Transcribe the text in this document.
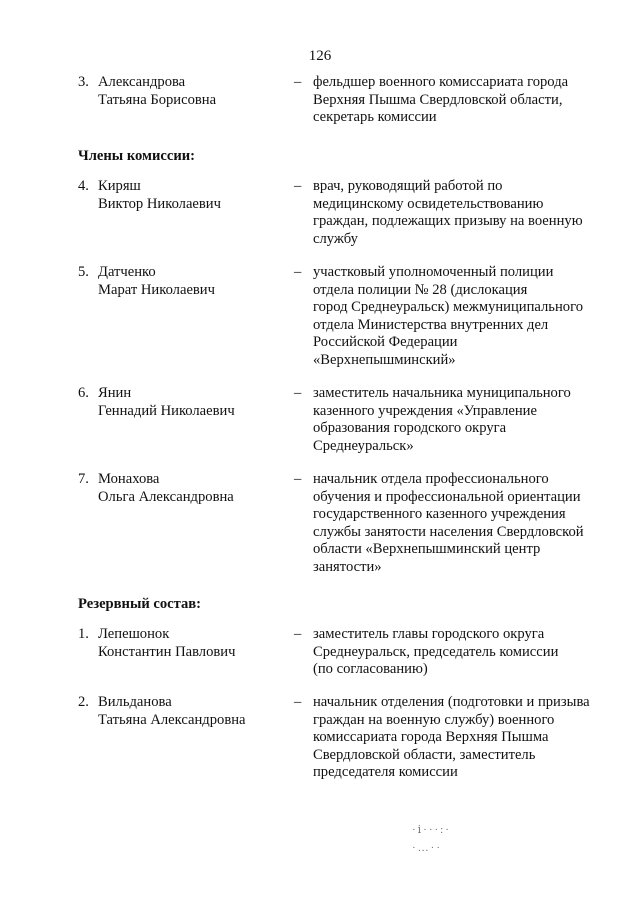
126
3. Александрова
Татьяна Борисовна
– фельдшер военного комиссариата города
Верхняя Пышма Свердловской области,
секретарь комиссии
Члены комиссии:
4. Киряш
Виктор Николаевич
– врач, руководящий работой по
медицинскому освидетельствованию
граждан, подлежащих призыву на военную
службу
5. Датченко
Марат Николаевич
– участковый уполномоченный полиции
отдела полиции № 28 (дислокация
город Среднеуральск) межмуниципального
отдела Министерства внутренних дел
Российской Федерации
«Верхнепышминский»
6. Янин
Геннадий Николаевич
– заместитель начальника муниципального
казенного учреждения «Управление
образования городского округа
Среднеуральск»
7. Монахова
Ольга Александровна
– начальник отдела профессионального
обучения и профессиональной ориентации
государственного казенного учреждения
службы занятости населения Свердловской
области «Верхнепышминский центр
занятости»
Резервный состав:
1. Лепешонок
Константин Павлович
– заместитель главы городского округа
Среднеуральск, председатель комиссии
(по согласованию)
2. Вильданова
Татьяна Александровна
– начальник отделения (подготовки и призыва
граждан на военную службу) военного
комиссариата города Верхняя Пышма
Свердловской области, заместитель
председателя комиссии
·ⅰ···:·
·…··
